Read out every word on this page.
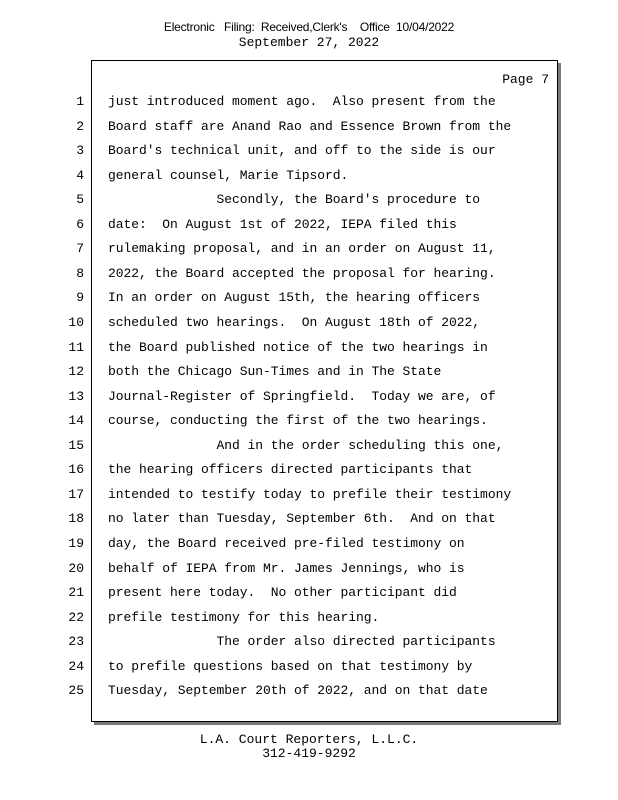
Electronic   Filing:  Received,Clerk's    Office  10/04/2022
September 27, 2022
Page 7
1 just introduced moment ago.  Also present from the
2 Board staff are Anand Rao and Essence Brown from the
3 Board's technical unit, and off to the side is our
4 general counsel, Marie Tipsord.
5 Secondly, the Board's procedure to
6 date:  On August 1st of 2022, IEPA filed this
7 rulemaking proposal, and in an order on August 11,
8 2022, the Board accepted the proposal for hearing.
9 In an order on August 15th, the hearing officers
10 scheduled two hearings.  On August 18th of 2022,
11 the Board published notice of the two hearings in
12 both the Chicago Sun-Times and in The State
13 Journal-Register of Springfield.  Today we are, of
14 course, conducting the first of the two hearings.
15 And in the order scheduling this one,
16 the hearing officers directed participants that
17 intended to testify today to prefile their testimony
18 no later than Tuesday, September 6th.  And on that
19 day, the Board received pre-filed testimony on
20 behalf of IEPA from Mr. James Jennings, who is
21 present here today.  No other participant did
22 prefile testimony for this hearing.
23 The order also directed participants
24 to prefile questions based on that testimony by
25 Tuesday, September 20th of 2022, and on that date
L.A. Court Reporters, L.L.C.
312-419-9292
